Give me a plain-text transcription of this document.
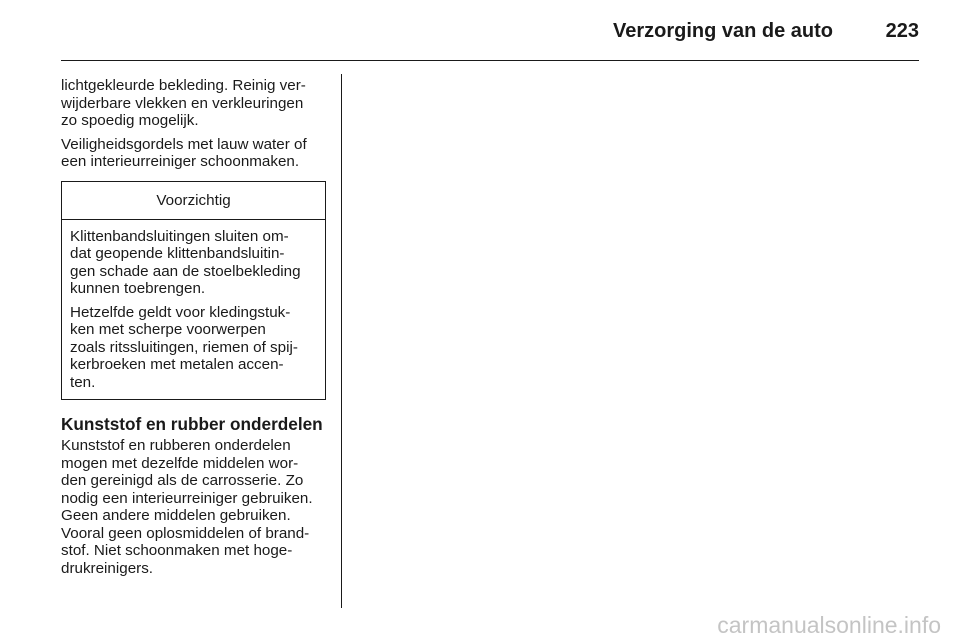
Verzorging van de auto	223

lichtgekleurde bekleding. Reinig ver-
wijderbare vlekken en verkleuringen
zo spoedig mogelijk.

Veiligheidsgordels met lauw water of
een interieurreiniger schoonmaken.

Voorzichtig

Klittenbandsluitingen sluiten om-
dat geopende klittenbandsluitin-
gen schade aan de stoelbekleding
kunnen toebrengen.

Hetzelfde geldt voor kledingstuk-
ken met scherpe voorwerpen
zoals ritssluitingen, riemen of spij-
kerbroeken met metalen accen-
ten.

Kunststof en rubber onderdelen

Kunststof en rubberen onderdelen
mogen met dezelfde middelen wor-
den gereinigd als de carrosserie. Zo
nodig een interieurreiniger gebruiken.
Geen andere middelen gebruiken.
Vooral geen oplosmiddelen of brand-
stof. Niet schoonmaken met hoge-
drukreinigers.

carmanualsonline.info
